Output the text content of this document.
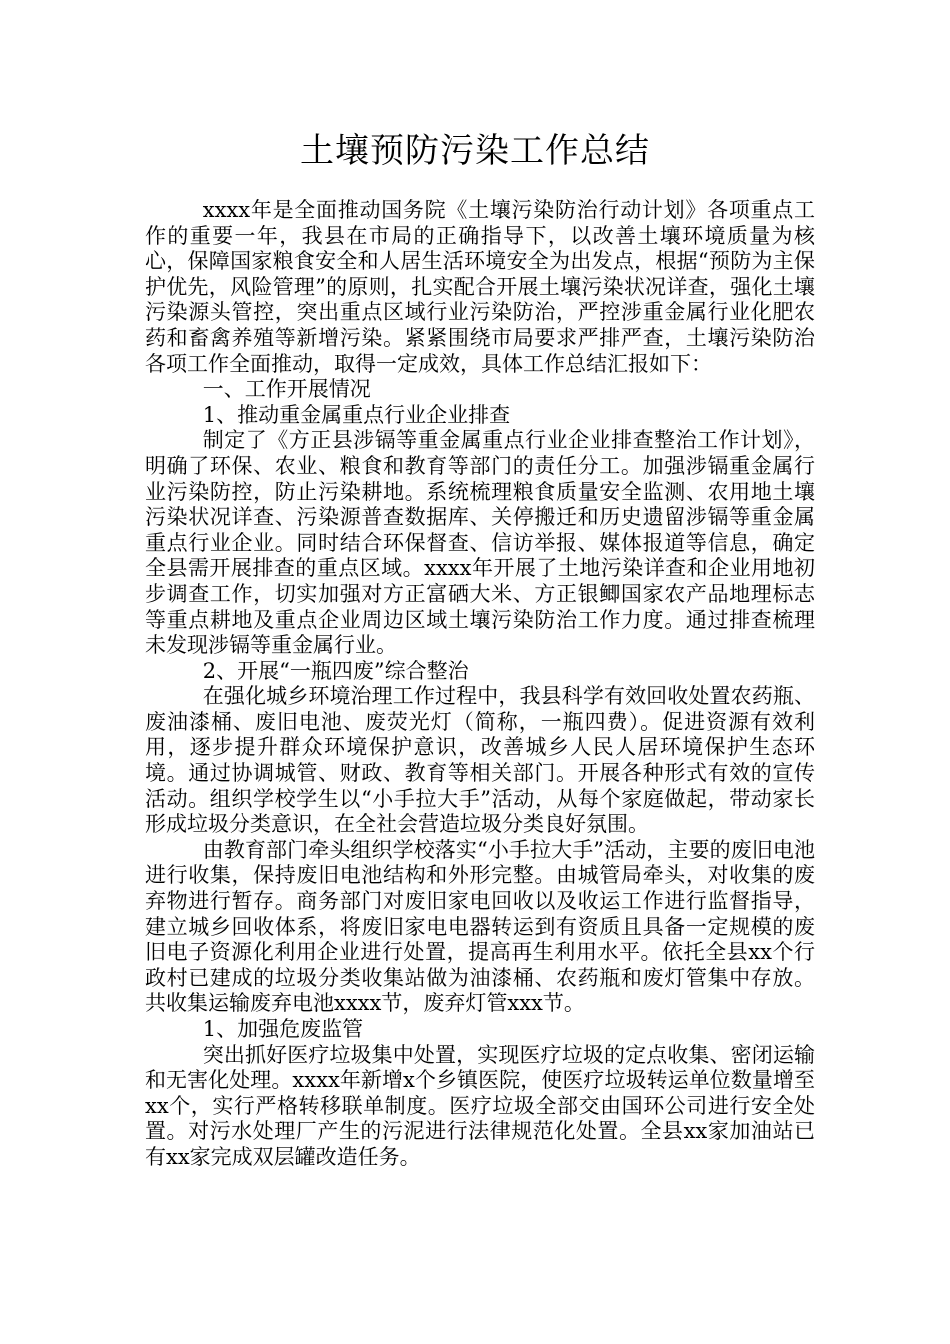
土壤预防污染工作总结

xxxx年是全面推动国务院《土壤污染防治行动计划》各项重点工作的重要一年，我县在市局的正确指导下，以改善土壤环境质量为核心，保障国家粮食安全和人居生活环境安全为出发点，根据“预防为主保护优先，风险管理”的原则，扎实配合开展土壤污染状况详查，强化土壤污染源头管控，突出重点区域行业污染防治，严控涉重金属行业化肥农药和畜禽养殖等新增污染。紧紧围绕市局要求严排严查，土壤污染防治各项工作全面推动，取得一定成效，具体工作总结汇报如下：

一、工作开展情况

1、推动重金属重点行业企业排查

制定了《方正县涉镉等重金属重点行业企业排查整治工作计划》，明确了环保、农业、粮食和教育等部门的责任分工。加强涉镉重金属行业污染防控，防止污染耕地。系统梳理粮食质量安全监测、农用地土壤污染状况详查、污染源普查数据库、关停搬迁和历史遗留涉镉等重金属重点行业企业。同时结合环保督查、信访举报、媒体报道等信息，确定全县需开展排查的重点区域。xxxx年开展了土地污染详查和企业用地初步调查工作，切实加强对方正富硒大米、方正银鲫国家农产品地理标志等重点耕地及重点企业周边区域土壤污染防治工作力度。通过排查梳理未发现涉镉等重金属行业。

2、开展“一瓶四废”综合整治

在强化城乡环境治理工作过程中，我县科学有效回收处置农药瓶、废油漆桶、废旧电池、废荧光灯（简称，一瓶四费）。促进资源有效利用，逐步提升群众环境保护意识，改善城乡人民人居环境保护生态环境。通过协调城管、财政、教育等相关部门。开展各种形式有效的宣传活动。组织学校学生以“小手拉大手”活动，从每个家庭做起，带动家长形成垃圾分类意识，在全社会营造垃圾分类良好氛围。

由教育部门牵头组织学校落实“小手拉大手”活动，主要的废旧电池进行收集，保持废旧电池结构和外形完整。由城管局牵头，对收集的废弃物进行暂存。商务部门对废旧家电回收以及收运工作进行监督指导，建立城乡回收体系，将废旧家电电器转运到有资质且具备一定规模的废旧电子资源化利用企业进行处置，提高再生利用水平。依托全县xx个行政村已建成的垃圾分类收集站做为油漆桶、农药瓶和废灯管集中存放。共收集运输废弃电池xxxx节，废弃灯管xxx节。

1、加强危废监管

突出抓好医疗垃圾集中处置，实现医疗垃圾的定点收集、密闭运输和无害化处理。xxxx年新增x个乡镇医院，使医疗垃圾转运单位数量增至xx个，实行严格转移联单制度。医疗垃圾全部交由国环公司进行安全处置。对污水处理厂产生的污泥进行法律规范化处置。全县xx家加油站已有xx家完成双层罐改造任务。
